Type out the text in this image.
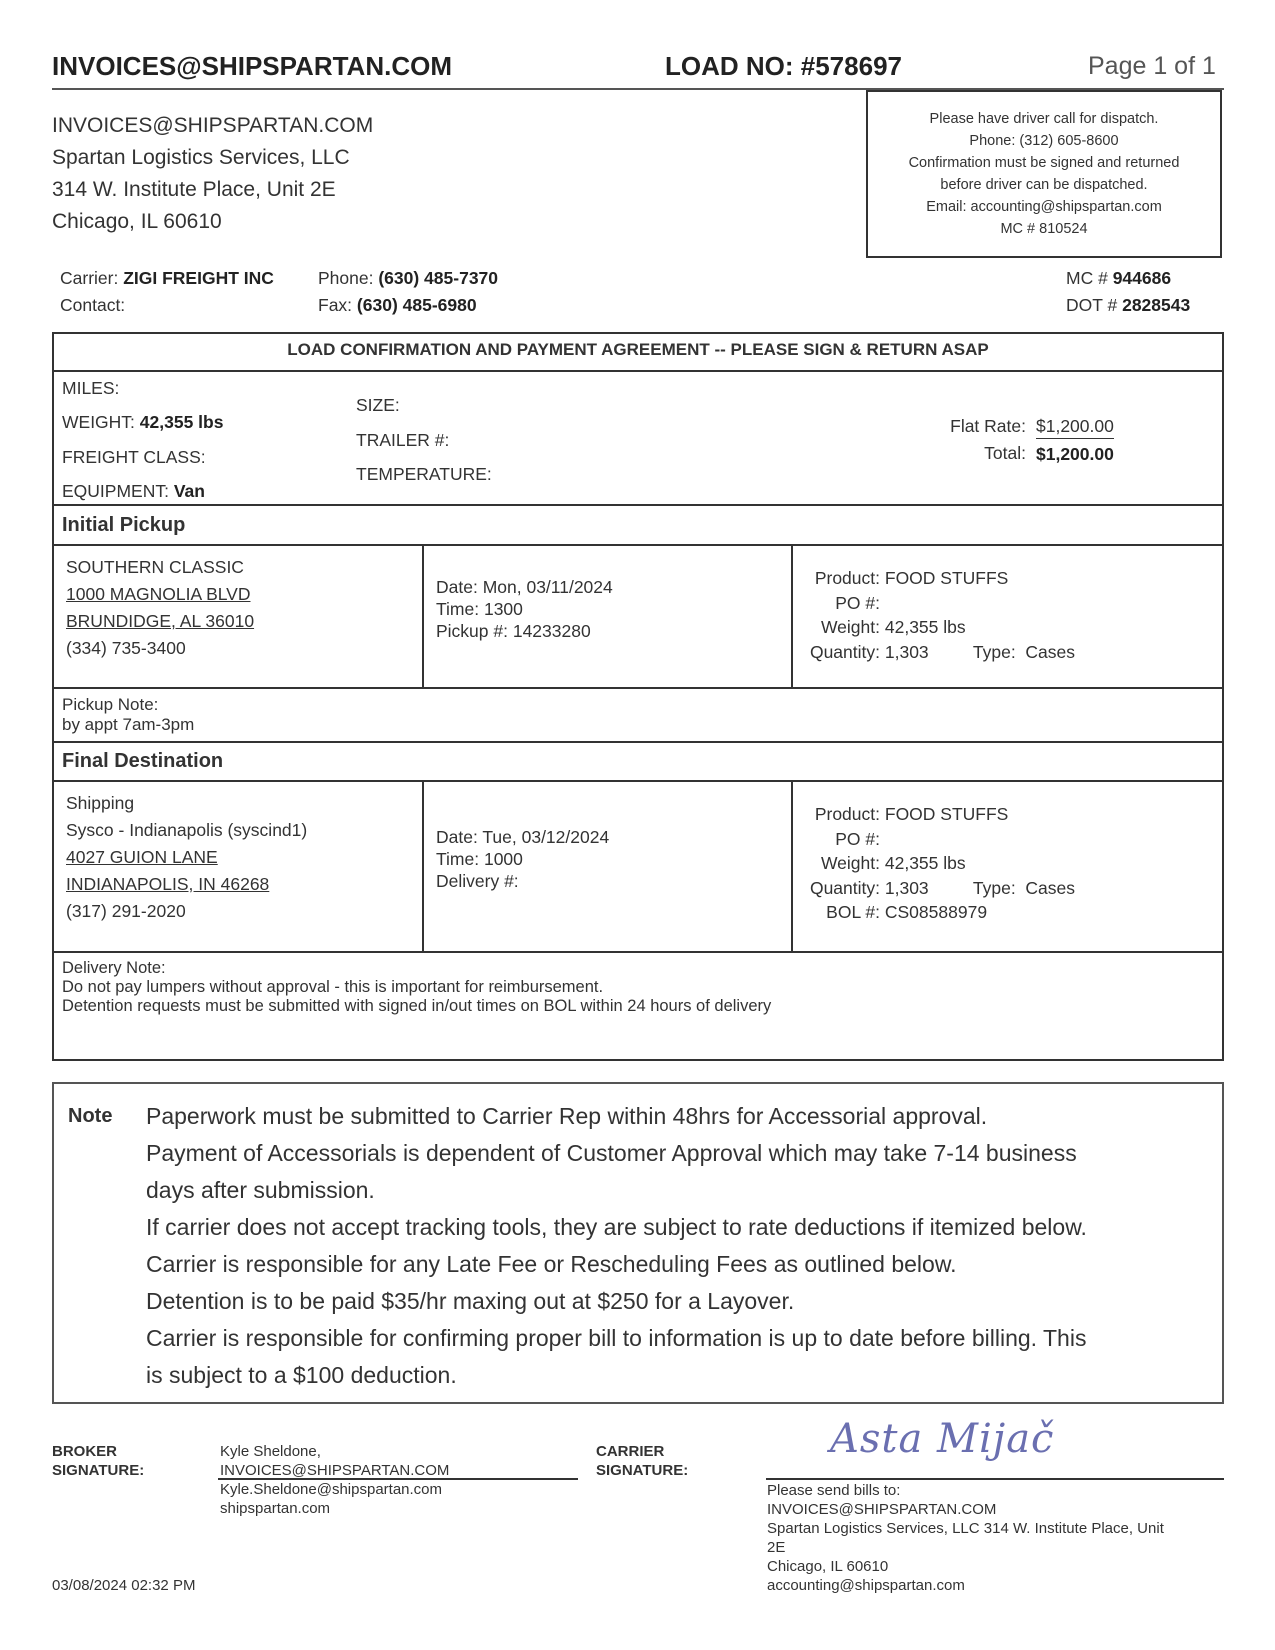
INVOICES@SHIPSPARTAN.COM	LOAD NO: #578697	Page 1 of 1
INVOICES@SHIPSPARTAN.COM
Spartan Logistics Services, LLC
314 W. Institute Place, Unit 2E
Chicago, IL 60610
Please have driver call for dispatch.
Phone: (312) 605-8600
Confirmation must be signed and returned
before driver can be dispatched.
Email: accounting@shipspartan.com
MC # 810524
Carrier: ZIGI FREIGHT INC
Contact:
Phone: (630) 485-7370
Fax: (630) 485-6980
MC # 944686
DOT # 2828543
LOAD CONFIRMATION AND PAYMENT AGREEMENT -- PLEASE SIGN & RETURN ASAP
MILES:
WEIGHT: 42,355 lbs
FREIGHT CLASS:
EQUIPMENT: Van
SIZE:
TRAILER #:
TEMPERATURE:
Flat Rate: $1,200.00
Total: $1,200.00
Initial Pickup
SOUTHERN CLASSIC
1000 MAGNOLIA BLVD
BRUNDIDGE, AL 36010
(334) 735-3400
Date: Mon, 03/11/2024
Time: 1300
Pickup #: 14233280
Product: FOOD STUFFS
PO #:
Weight: 42,355 lbs
Quantity: 1,303	Type: Cases
Pickup Note:
by appt 7am-3pm
Final Destination
Shipping
Sysco - Indianapolis (syscind1)
4027 GUION LANE
INDIANAPOLIS, IN 46268
(317) 291-2020
Date: Tue, 03/12/2024
Time: 1000
Delivery #:
Product: FOOD STUFFS
PO #:
Weight: 42,355 lbs
Quantity: 1,303	Type: Cases
BOL #: CS08588979
Delivery Note:
Do not pay lumpers without approval - this is important for reimbursement.
Detention requests must be submitted with signed in/out times on BOL within 24 hours of delivery
Note Paperwork must be submitted to Carrier Rep within 48hrs for Accessorial approval.
Payment of Accessorials is dependent of Customer Approval which may take 7-14 business
days after submission.
If carrier does not accept tracking tools, they are subject to rate deductions if itemized below.
Carrier is responsible for any Late Fee or Rescheduling Fees as outlined below.
Detention is to be paid $35/hr maxing out at $250 for a Layover.
Carrier is responsible for confirming proper bill to information is up to date before billing. This
is subject to a $100 deduction.
BROKER
SIGNATURE:
Kyle Sheldone,
INVOICES@SHIPSPARTAN.COM
Kyle.Sheldone@shipspartan.com
shipspartan.com
CARRIER
SIGNATURE:
Asta Mijač
Please send bills to:
INVOICES@SHIPSPARTAN.COM
Spartan Logistics Services, LLC 314 W. Institute Place, Unit
2E
Chicago, IL 60610
accounting@shipspartan.com
03/08/2024 02:32 PM
